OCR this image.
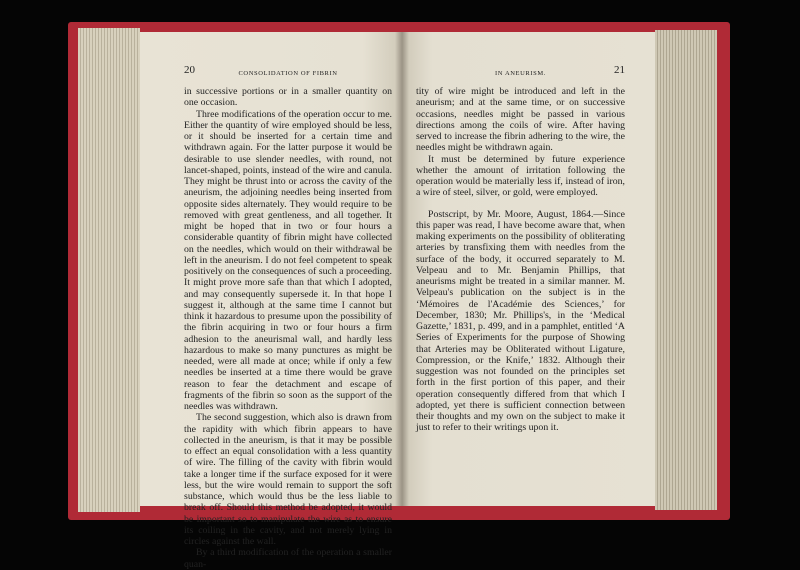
20	CONSOLIDATION OF FIBRIN

in successive portions or in a smaller quantity on one occasion.

Three modifications of the operation occur to me. Either the quantity of wire employed should be less, or it should be inserted for a certain time and withdrawn again. For the latter purpose it would be desirable to use slender needles, with round, not lancet-shaped, points, instead of the wire and canula. They might be thrust into or across the cavity of the aneurism, the adjoining needles being inserted from opposite sides alternately. They would require to be removed with great gentleness, and all together. It might be hoped that in two or four hours a considerable quantity of fibrin might have collected on the needles, which would on their withdrawal be left in the aneurism. I do not feel competent to speak positively on the consequences of such a proceeding. It might prove more safe than that which I adopted, and may consequently supersede it. In that hope I suggest it, although at the same time I cannot but think it hazardous to presume upon the possibility of the fibrin acquiring in two or four hours a firm adhesion to the aneurismal wall, and hardly less hazardous to make so many punctures as might be needed, were all made at once; while if only a few needles be inserted at a time there would be grave reason to fear the detachment and escape of fragments of the fibrin so soon as the support of the needles was withdrawn.

The second suggestion, which also is drawn from the rapidity with which fibrin appears to have collected in the aneurism, is that it may be possible to effect an equal consolidation with a less quantity of wire. The filling of the cavity with fibrin would take a longer time if the surface exposed for it were less, but the wire would remain to support the soft substance, which would thus be the less liable to break off. Should this method be adopted, it would be important so to manipulate the wire as to ensure its coiling in the cavity, and not merely lying in circles against the wall.

By a third modification of the operation a smaller quan-

IN ANEURISM.	21

tity of wire might be introduced and left in the aneurism; and at the same time, or on successive occasions, needles might be passed in various directions among the coils of wire. After having served to increase the fibrin adhering to the wire, the needles might be withdrawn again.

It must be determined by future experience whether the amount of irritation following the operation would be materially less if, instead of iron, a wire of steel, silver, or gold, were employed.

Postscript, by Mr. Moore, August, 1864.—Since this paper was read, I have become aware that, when making experiments on the possibility of obliterating arteries by transfixing them with needles from the surface of the body, it occurred separately to M. Velpeau and to Mr. Benjamin Phillips, that aneurisms might be treated in a similar manner. M. Velpeau's publication on the subject is in the ‘Mémoires de l'Académie des Sciences,’ for December, 1830; Mr. Phillips's, in the ‘Medical Gazette,’ 1831, p. 499, and in a pamphlet, entitled ‘A Series of Experiments for the purpose of Showing that Arteries may be Obliterated without Ligature, Compression, or the Knife,’ 1832. Although their suggestion was not founded on the principles set forth in the first portion of this paper, and their operation consequently differed from that which I adopted, yet there is sufficient connection between their thoughts and my own on the subject to make it just to refer to their writings upon it.
